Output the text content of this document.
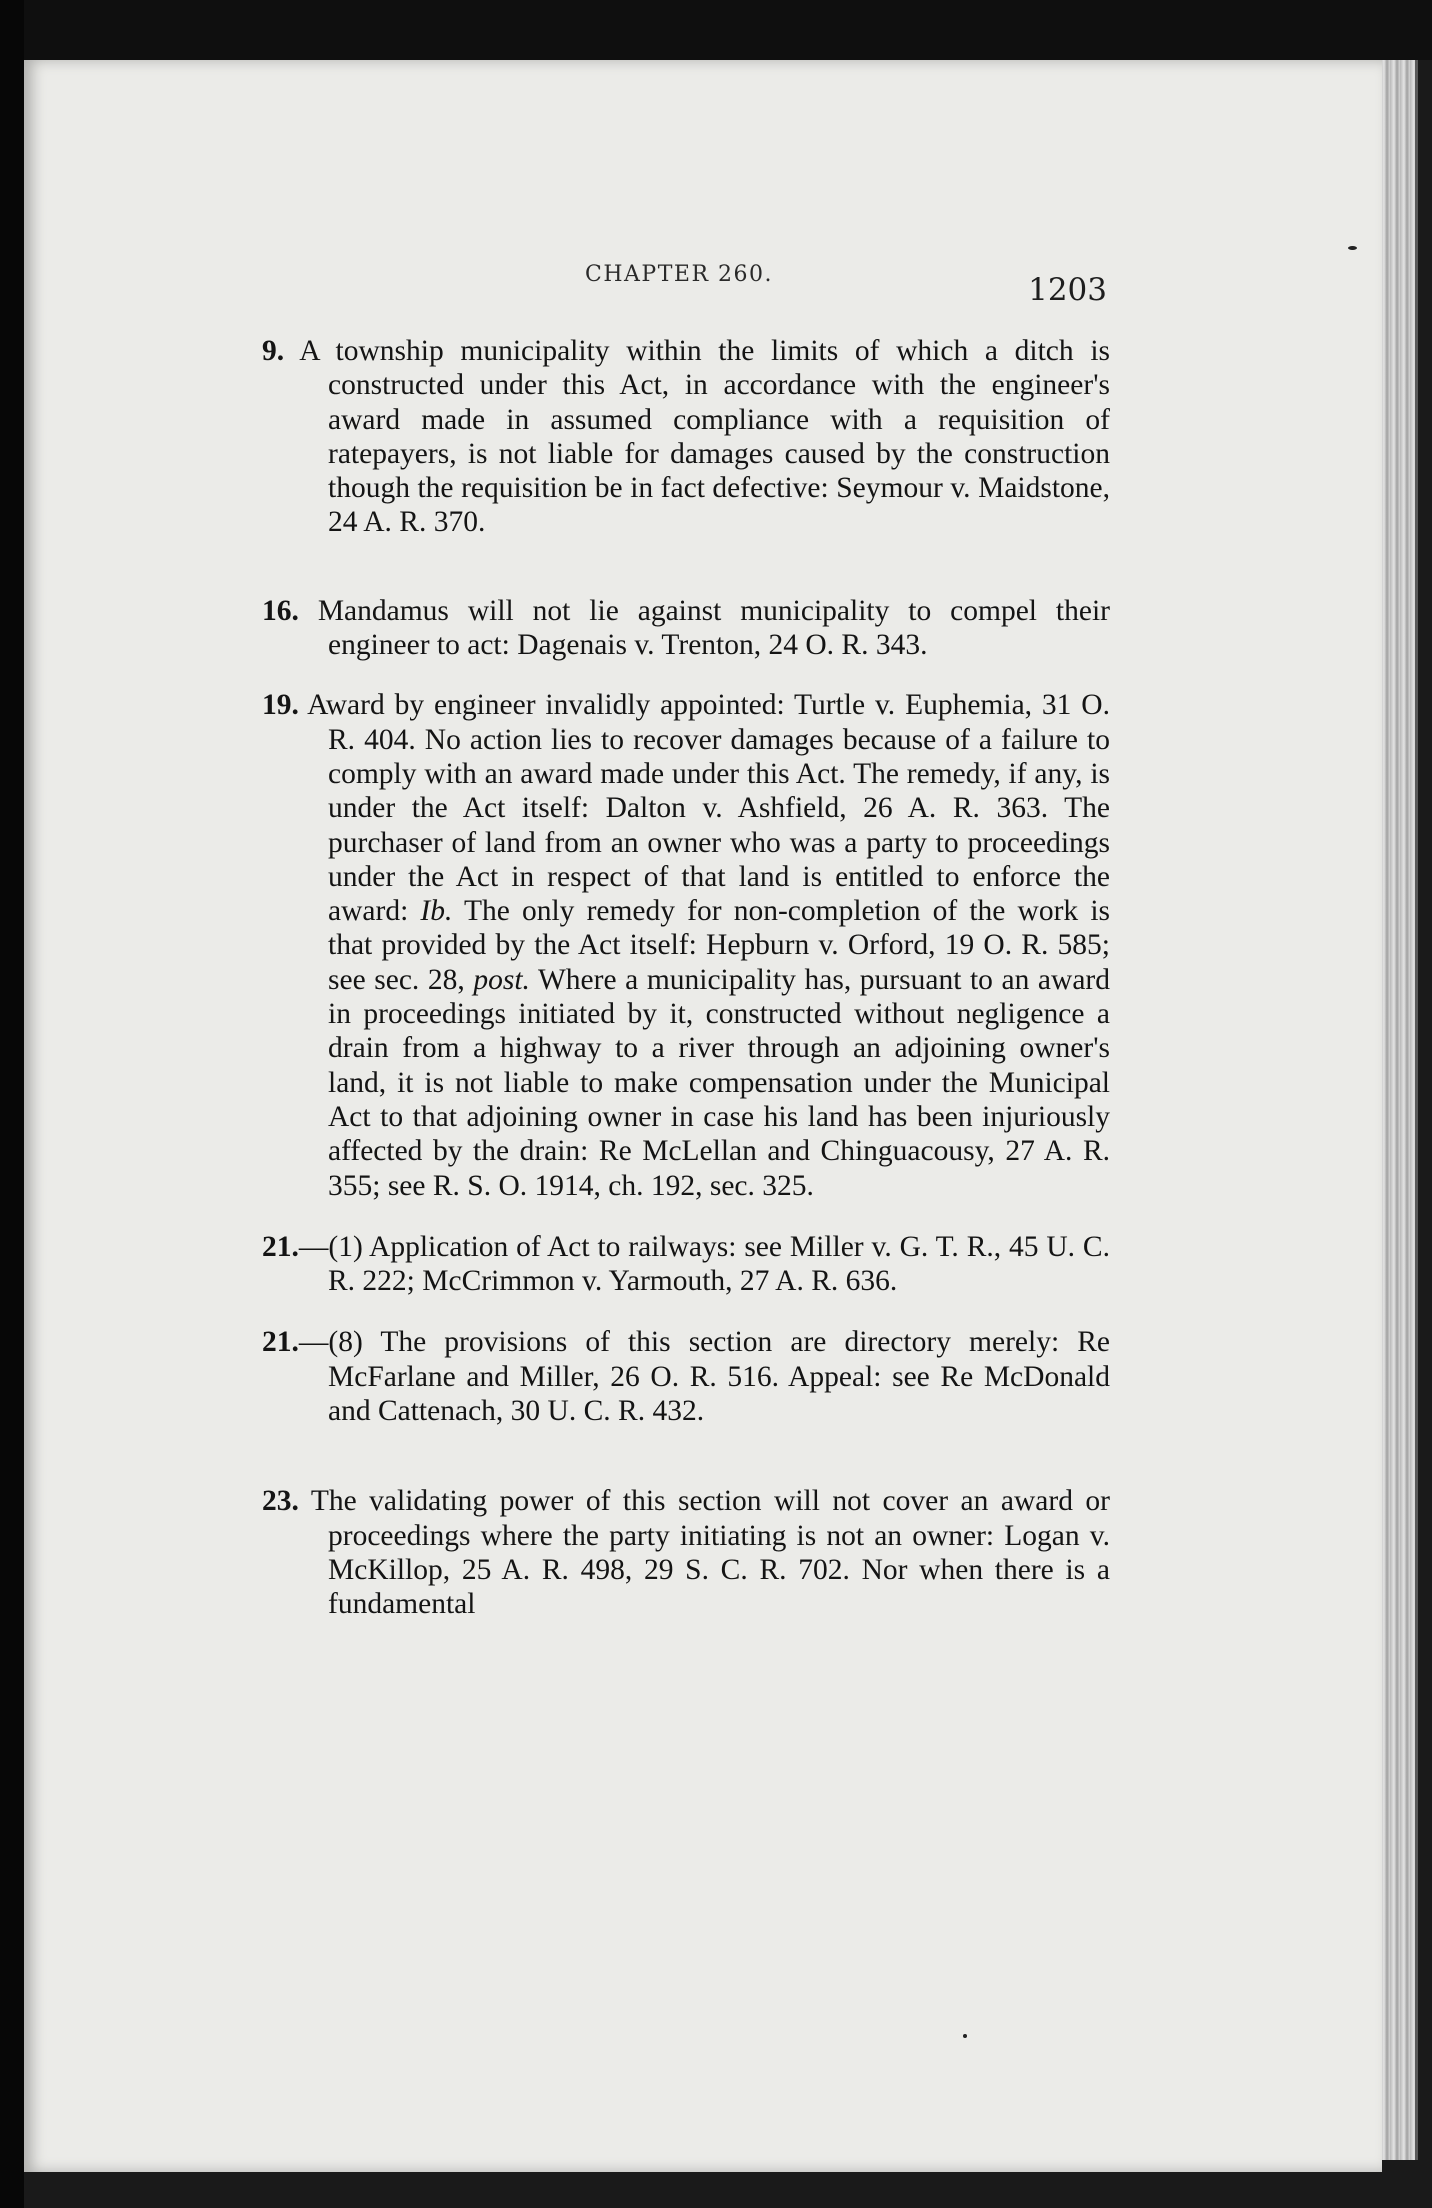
CHAPTER 260.	1203

9. A township municipality within the limits of which a ditch is constructed under this Act, in accordance with the engineer's award made in assumed compliance with a requisition of ratepayers, is not liable for damages caused by the construction though the requisition be in fact defective: Seymour v. Maidstone, 24 A. R. 370.

16. Mandamus will not lie against municipality to compel their engineer to act: Dagenais v. Trenton, 24 O. R. 343.

19. Award by engineer invalidly appointed: Turtle v. Euphemia, 31 O. R. 404. No action lies to recover damages because of a failure to comply with an award made under this Act. The remedy, if any, is under the Act itself: Dalton v. Ashfield, 26 A. R. 363. The purchaser of land from an owner who was a party to proceedings under the Act in respect of that land is entitled to enforce the award: Ib. The only remedy for non-completion of the work is that provided by the Act itself: Hepburn v. Orford, 19 O. R. 585; see sec. 28, post. Where a municipality has, pursuant to an award in proceedings initiated by it, constructed without negligence a drain from a highway to a river through an adjoining owner's land, it is not liable to make compensation under the Municipal Act to that adjoining owner in case his land has been injuriously affected by the drain: Re McLellan and Chinguacousy, 27 A. R. 355; see R. S. O. 1914, ch. 192, sec. 325.

21.—(1) Application of Act to railways: see Miller v. G. T. R., 45 U. C. R. 222; McCrimmon v. Yarmouth, 27 A. R. 636.

21.—(8) The provisions of this section are directory merely: Re McFarlane and Miller, 26 O. R. 516. Appeal: see Re McDonald and Cattenach, 30 U. C. R. 432.

23. The validating power of this section will not cover an award or proceedings where the party initiating is not an owner: Logan v. McKillop, 25 A. R. 498, 29 S. C. R. 702. Nor when there is a fundamental
